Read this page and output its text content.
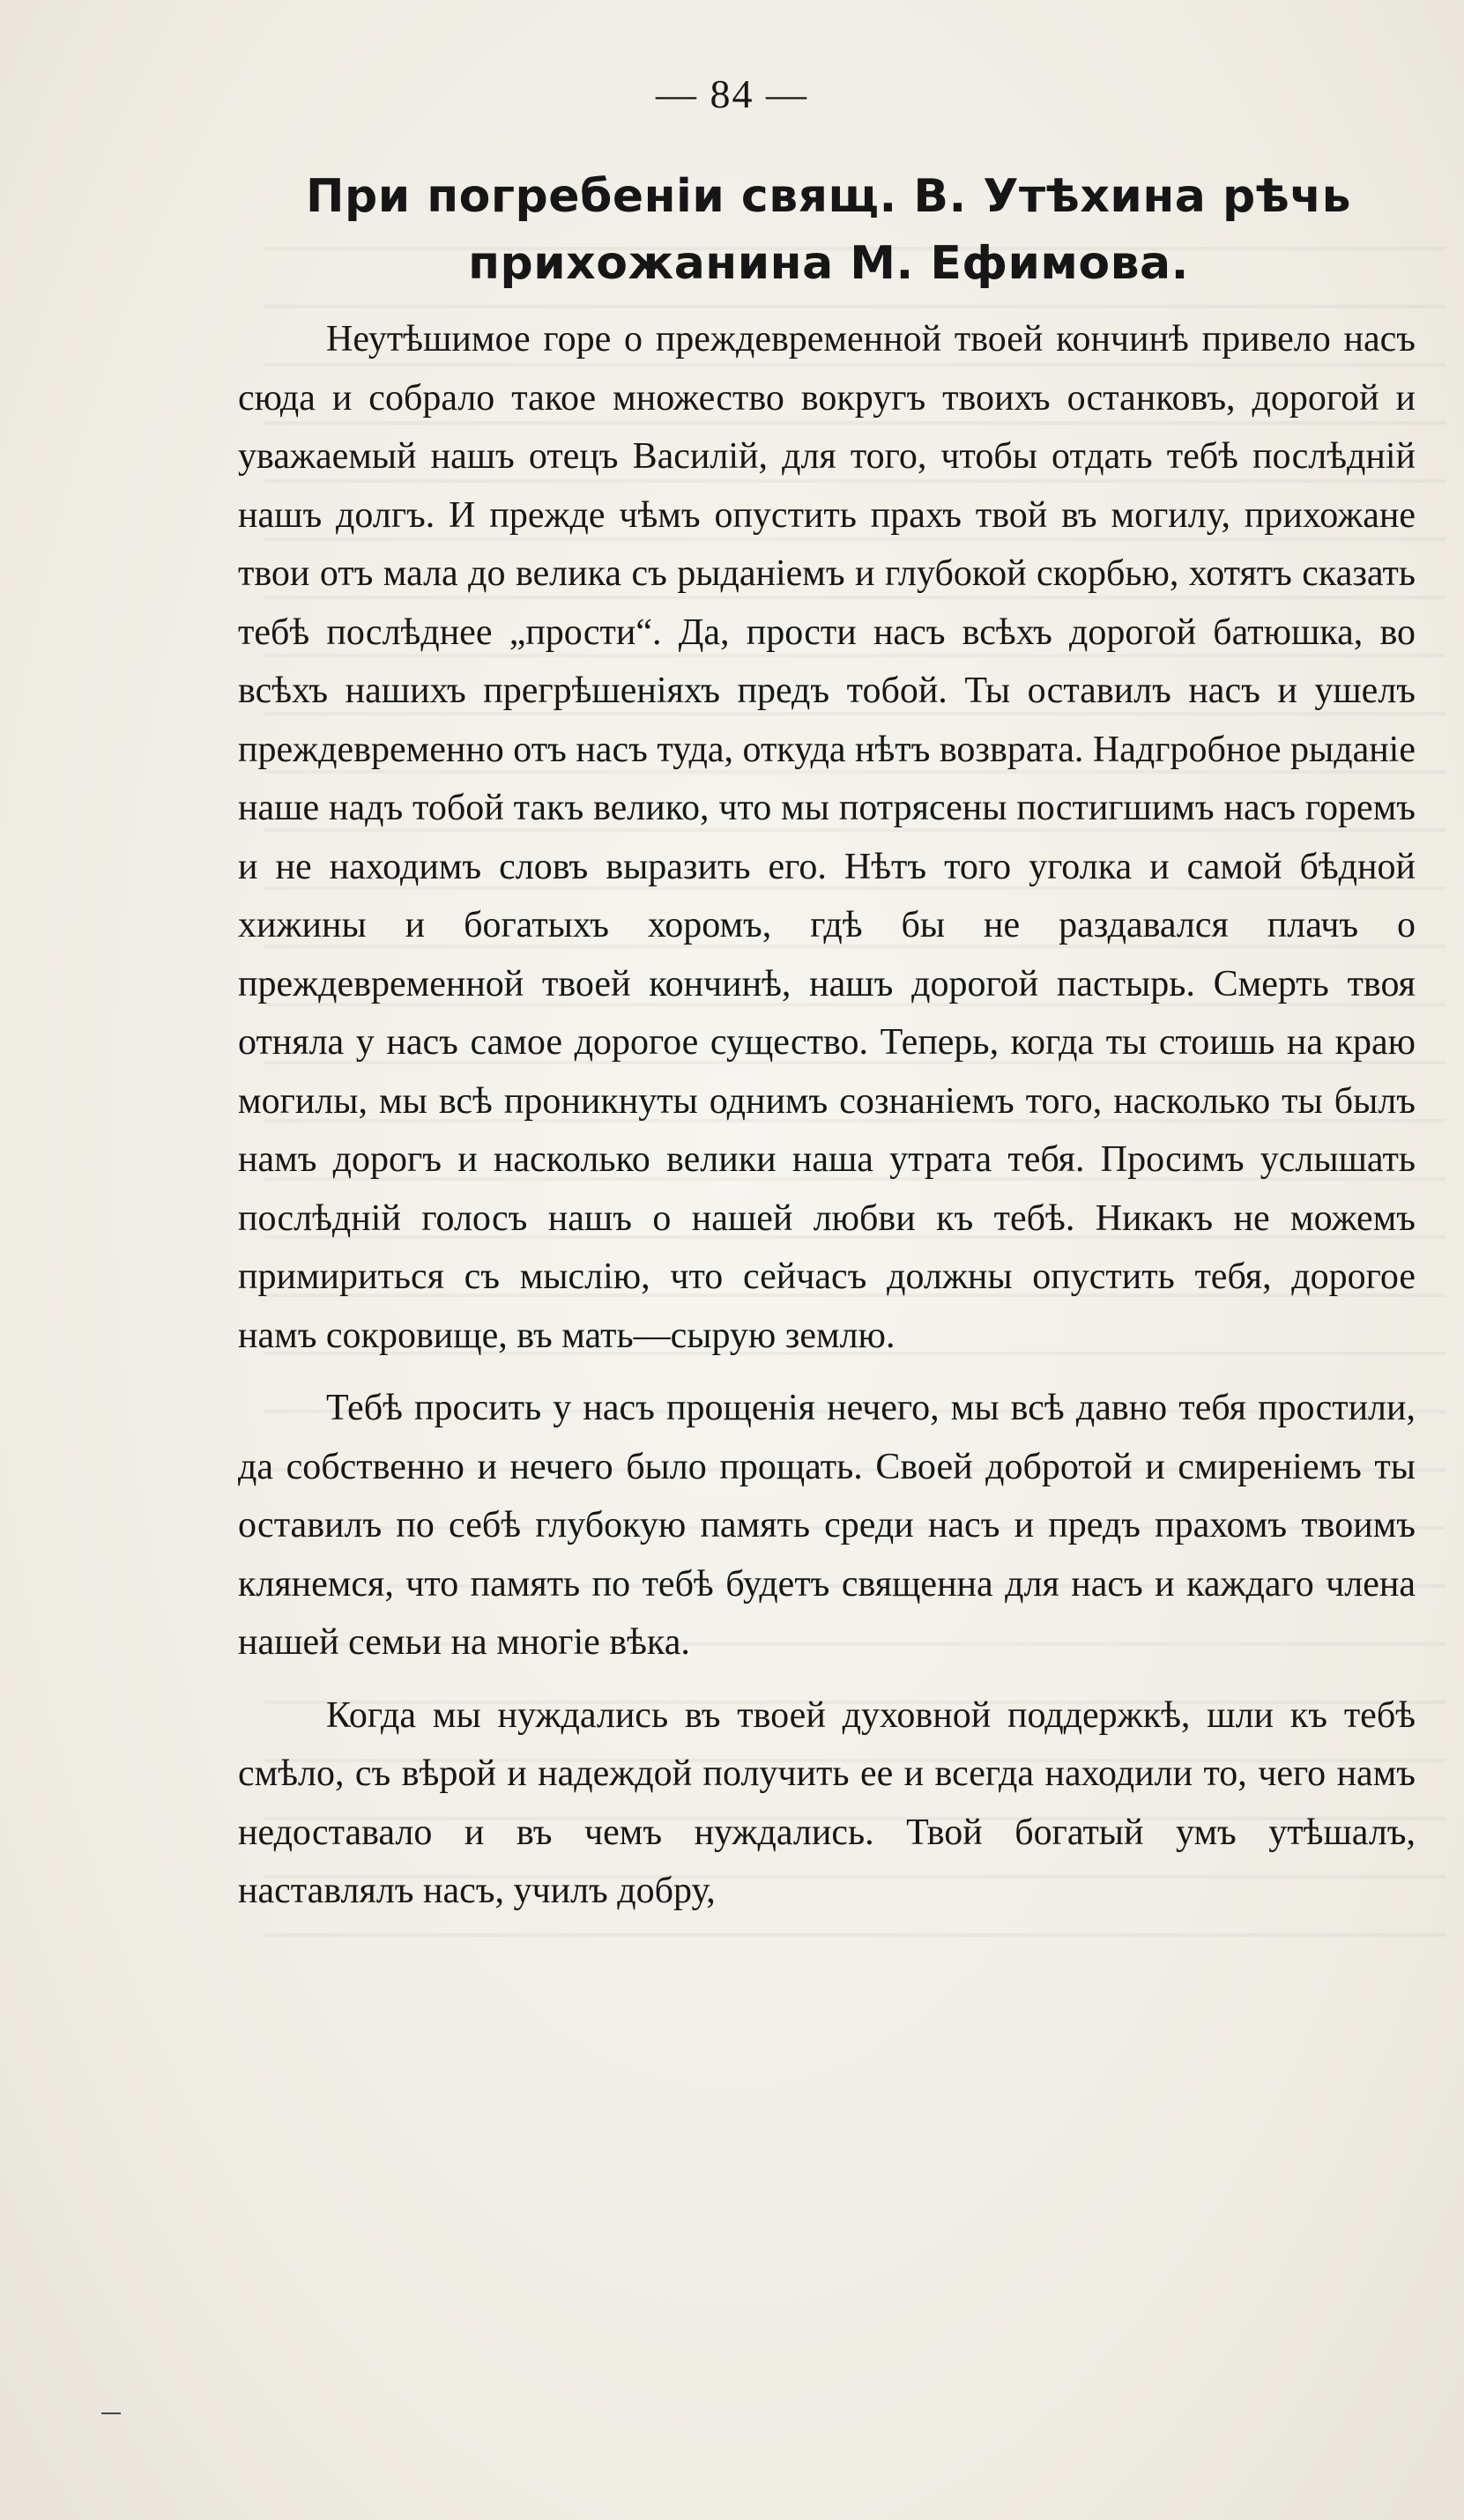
— 84 —
При погребеніи свящ. В. Утѣхина рѣчь прихожанина М. Ефимова.

Неутѣшимое горе о преждевременной твоей кончинѣ привело насъ сюда и собрало такое множество вокругъ твоихъ останковъ, дорогой и уважаемый нашъ отецъ Василій, для того, чтобы отдать тебѣ послѣдній нашъ долгъ. И прежде чѣмъ опустить прахъ твой въ могилу, прихожане твои отъ мала до велика съ рыданіемъ и глубокой скорбью, хотятъ сказать тебѣ послѣднее „прости“. Да, прости насъ всѣхъ дорогой батюшка, во всѣхъ нашихъ прегрѣшеніяхъ предъ тобой. Ты оставилъ насъ и ушелъ преждевременно отъ насъ туда, откуда нѣтъ возврата. Надгробное рыданіе наше надъ тобой такъ велико, что мы потрясены постигшимъ насъ горемъ и не находимъ словъ выразить его. Нѣтъ того уголка и самой бѣдной хижины и богатыхъ хоромъ, гдѣ бы не раздавался плачъ о преждевременной твоей кончинѣ, нашъ дорогой пастырь. Смерть твоя отняла у насъ самое дорогое существо. Теперь, когда ты стоишь на краю могилы, мы всѣ проникнуты однимъ сознаніемъ того, насколько ты былъ намъ дорогъ и насколько велики наша утрата тебя. Просимъ услышать послѣдній голосъ нашъ о нашей любви къ тебѣ. Никакъ не можемъ примириться съ мыслію, что сейчасъ должны опустить тебя, дорогое намъ сокровище, въ мать—сырую землю.

Тебѣ просить у насъ прощенія нечего, мы всѣ давно тебя простили, да собственно и нечего было прощать. Своей добротой и смиреніемъ ты оставилъ по себѣ глубокую память среди насъ и предъ прахомъ твоимъ клянемся, что память по тебѣ будетъ священна для насъ и каждаго члена нашей семьи на многіе вѣка.

Когда мы нуждались въ твоей духовной поддержкѣ, шли къ тебѣ смѣло, съ вѣрой и надеждой получить ее и всегда находили то, чего намъ недоставало и въ чемъ нуждались. Твой богатый умъ утѣшалъ, наставлялъ насъ, училъ добру,
